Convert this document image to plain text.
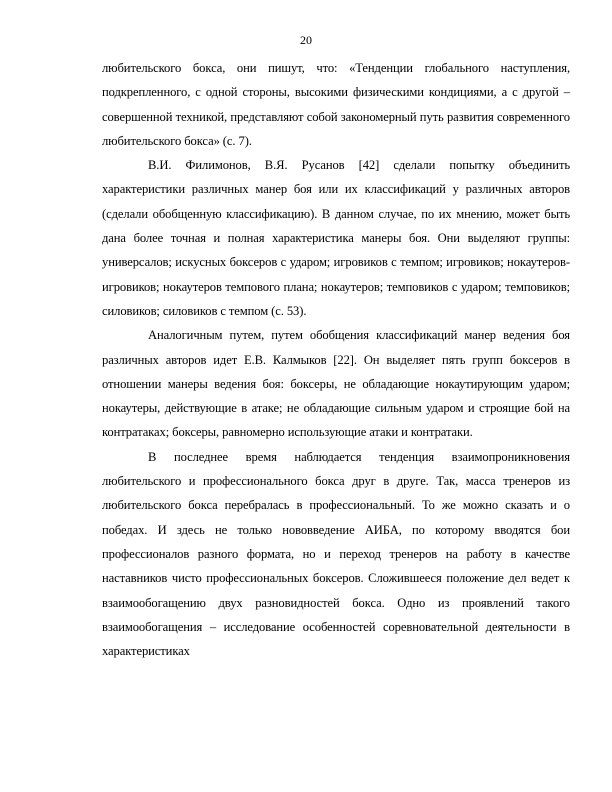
20

любительского бокса, они пишут, что: «Тенденции глобального наступления, подкрепленного, с одной стороны, высокими физическими кондициями, а с другой – совершенной техникой, представляют собой закономерный путь развития современного любительского бокса» (с. 7).

В.И. Филимонов, В.Я. Русанов [42] сделали попытку объединить характеристики различных манер боя или их классификаций у различных авторов (сделали обобщенную классификацию). В данном случае, по их мнению, может быть дана более точная и полная характеристика манеры боя. Они выделяют группы: универсалов; искусных боксеров с ударом; игровиков с темпом; игровиков; нокаутеров-игровиков; нокаутеров темпового плана; нокаутеров; темповиков с ударом; темповиков; силовиков; силовиков с темпом (с. 53).

Аналогичным путем, путем обобщения классификаций манер ведения боя различных авторов идет Е.В. Калмыков [22]. Он выделяет пять групп боксеров в отношении манеры ведения боя: боксеры, не обладающие нокаутирующим ударом; нокаутеры, действующие в атаке; не обладающие сильным ударом и строящие бой на контратаках; боксеры, равномерно использующие атаки и контратаки.

В последнее время наблюдается тенденция взаимопроникновения любительского и профессионального бокса друг в друге. Так, масса тренеров из любительского бокса перебралась в профессиональный. То же можно сказать и о победах. И здесь не только нововведение АИБА, по которому вводятся бои профессионалов разного формата, но и переход тренеров на работу в качестве наставников чисто профессиональных боксеров. Сложившееся положение дел ведет к взаимообогащению двух разновидностей бокса. Одно из проявлений такого взаимообогащения – исследование особенностей соревновательной деятельности в характеристиках
